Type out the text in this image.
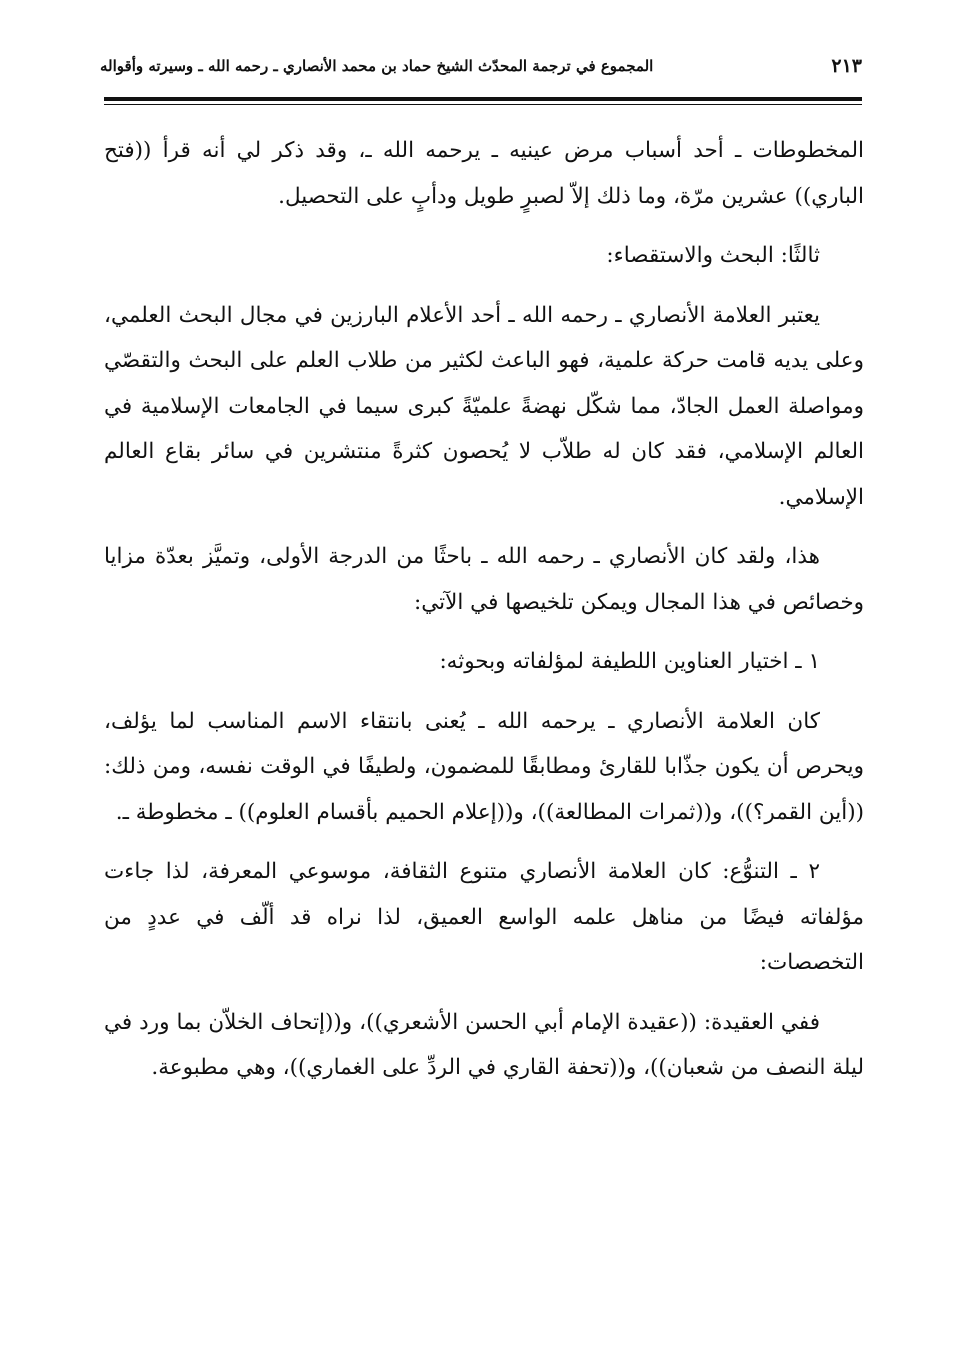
المجموع في ترجمة المحدّث الشيخ حماد بن محمد الأنصاري ـ رحمه الله ـ وسيرته وأقواله	٢١٣

المخطوطات ـ أحد أسباب مرض عينيه ـ يرحمه الله ـ، وقد ذكر لي أنه قرأ ((فتح الباري)) عشرين مرّة، وما ذلك إلاّ لصبرٍ طويل ودأبٍ على التحصيل.

ثالثًا: البحث والاستقصاء:

يعتبر العلامة الأنصاري ـ رحمه الله ـ أحد الأعلام البارزين في مجال البحث العلمي، وعلى يديه قامت حركة علمية، فهو الباعث لكثير من طلاب العلم على البحث والتقصّي ومواصلة العمل الجادّ، مما شكّل نهضةً علميّةً كبرى سيما في الجامعات الإسلامية في العالم الإسلامي، فقد كان له طلاّب لا يُحصون كثرةً منتشرين في سائر بقاع العالم الإسلامي.

هذا، ولقد كان الأنصاري ـ رحمه الله ـ باحثًا من الدرجة الأولى، وتميَّز بعدّة مزايا وخصائص في هذا المجال ويمكن تلخيصها في الآتي:

١ ـ اختيار العناوين اللطيفة لمؤلفاته وبحوثه:

كان العلامة الأنصاري ـ يرحمه الله ـ يُعنى بانتقاء الاسم المناسب لما يؤلف، ويحرص أن يكون جذّابا للقارئ ومطابقًا للمضمون، ولطيفًا في الوقت نفسه، ومن ذلك: ((أين القمر؟))، و((ثمرات المطالعة))، و((إعلام الحميم بأقسام العلوم)) ـ مخطوطة ـ.

٢ ـ التنوُّع: كان العلامة الأنصاري متنوع الثقافة، موسوعي المعرفة، لذا جاءت مؤلفاته فيضًا من مناهل علمه الواسع العميق، لذا نراه قد ألّف في عددٍ من التخصصات:

ففي العقيدة: ((عقيدة الإمام أبي الحسن الأشعري))، و((إتحاف الخلاّن بما ورد في ليلة النصف من شعبان))، و((تحفة القاري في الردِّ على الغماري))، وهي مطبوعة.
